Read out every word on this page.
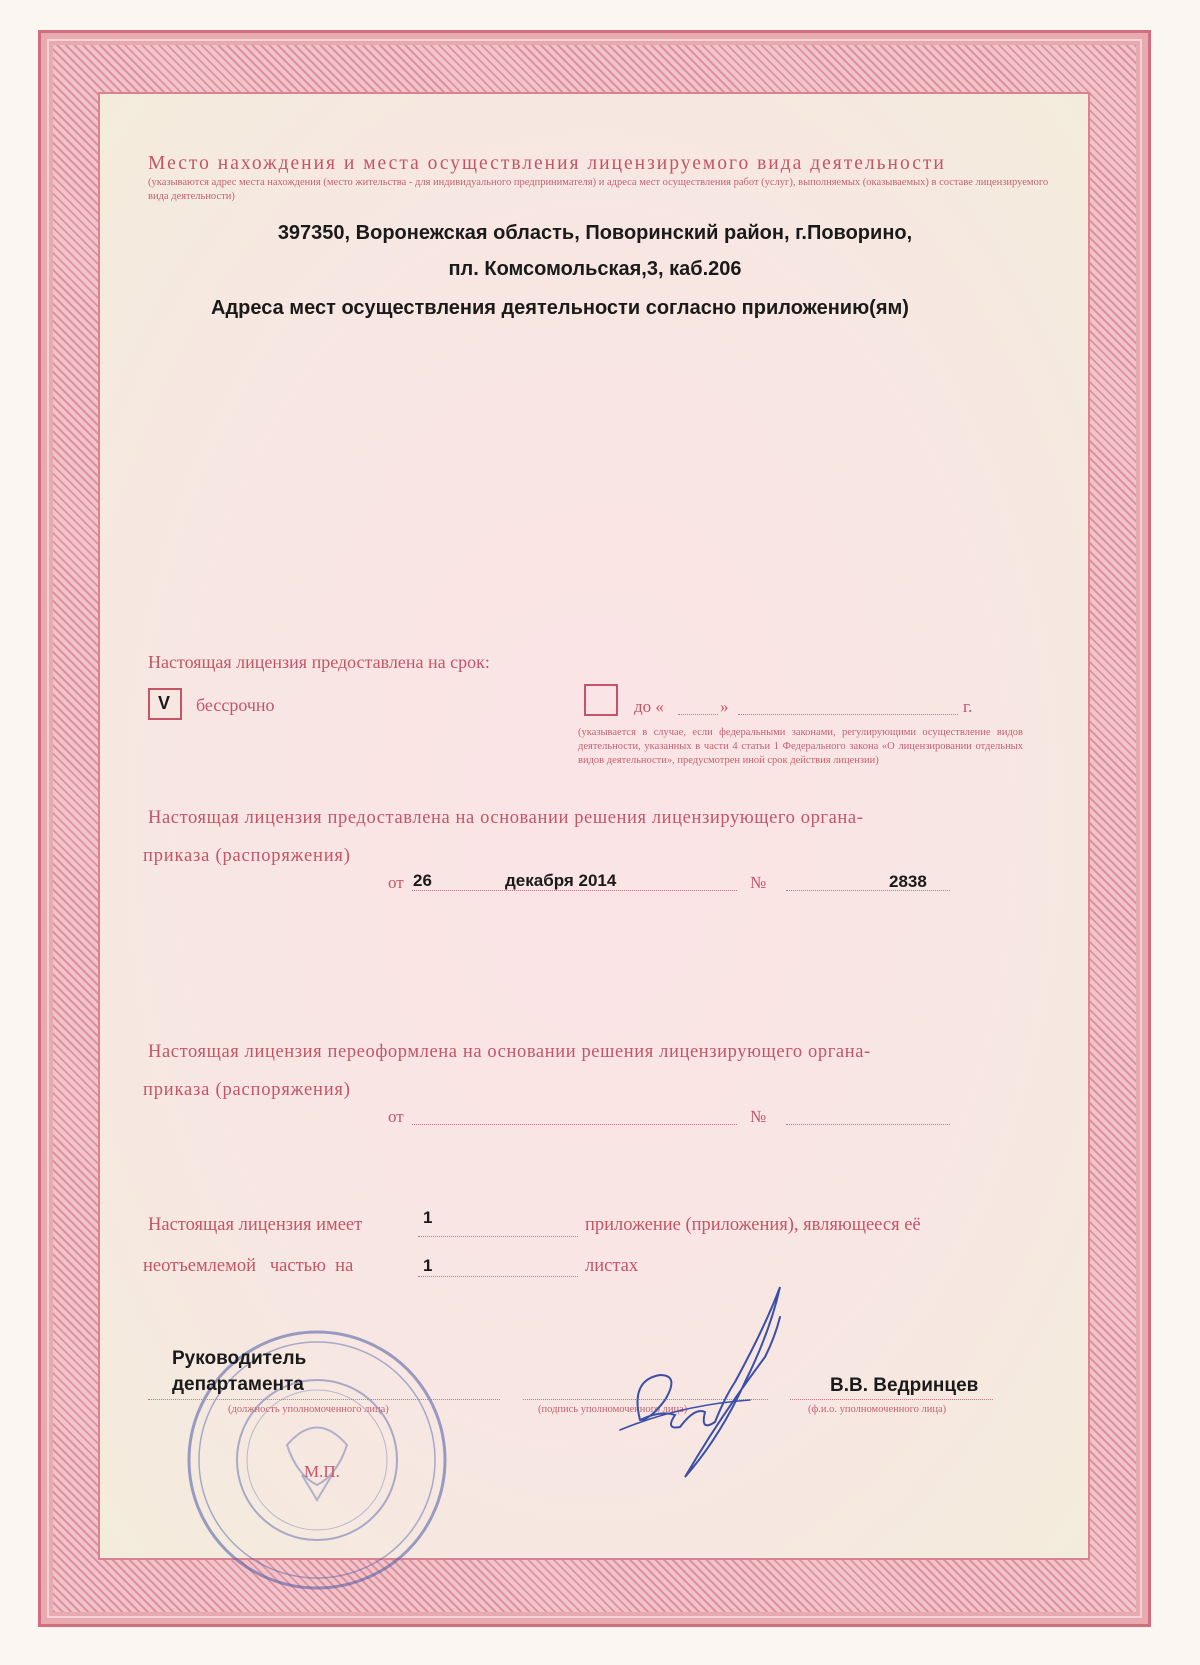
Место нахождения и места осуществления лицензируемого вида деятельности
(указываются адрес места нахождения (место жительства - для индивидуального предпринимателя) и адреса мест осуществления работ (услуг), выполняемых (оказываемых) в составе лицензируемого вида деятельности)
397350, Воронежская область, Поворинский район, г.Поворино,
пл. Комсомольская,3, каб.206
Адреса мест осуществления деятельности согласно приложению(ям)
Настоящая лицензия предоставлена на срок:
V бессрочно	до «	»	г.
(указывается в случае, если федеральными законами, регулирующими осуществление видов деятельности, указанных в части 4 статьи 1 Федерального закона «О лицензировании отдельных видов деятельности», предусмотрен иной срок действия лицензии)
Настоящая лицензия предоставлена на основании решения лицензирующего органа-
приказа (распоряжения)
от 26	декабря 2014	№	2838
Настоящая лицензия переоформлена на основании решения лицензирующего органа-
приказа (распоряжения)
от	№
Настоящая лицензия имеет	1	приложение (приложения), являющееся её
неотъемлемой   частью  на	1	листах
Руководитель
департамента
(должность уполномоченного лица)	(подпись уполномоченного лица)
В.В. Ведринцев
(ф.и.о. уполномоченного лица)
М.П.
